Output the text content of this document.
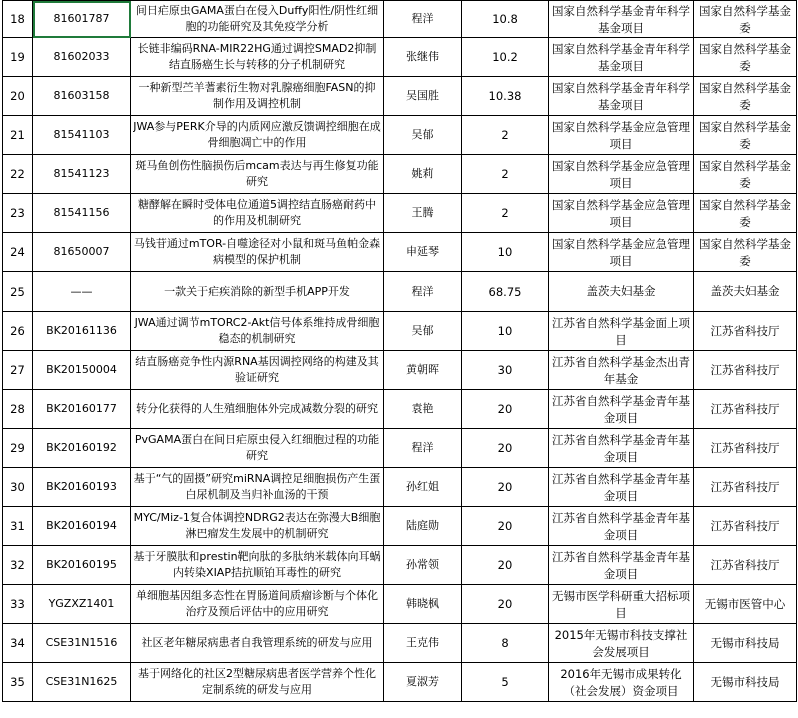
18	81601787	间日疟原虫GAMA蛋白在侵入Duffy阳性/阴性红细胞的功能研究及其免疫学分析	程洋	10.8	国家自然科学基金青年科学基金项目	国家自然科学基金委

19	81602033	长链非编码RNA-MIR22HG通过调控SMAD2抑制结直肠癌生长与转移的分子机制研究	张继伟	10.2	国家自然科学基金青年科学基金项目	国家自然科学基金委

20	81603158	一种新型苎羊蓍素衍生物对乳腺癌细胞FASN的抑制作用及调控机制	吴国胜	10.38	国家自然科学基金青年科学基金项目	国家自然科学基金委

21	81541103	JWA参与PERK介导的内质网应激反馈调控细胞在成骨细胞凋亡中的作用	吴郁	2	国家自然科学基金应急管理项目	国家自然科学基金委

22	81541123	斑马鱼创伤性脑损伤后mcam表达与再生修复功能研究	姚莉	2	国家自然科学基金应急管理项目	国家自然科学基金委

23	81541156	糖酵解在瞬时受体电位通道5调控结直肠癌耐药中的作用及机制研究	王腾	2	国家自然科学基金应急管理项目	国家自然科学基金委

24	81650007	马钱苷通过mTOR-自噬途径对小鼠和斑马鱼帕金森病模型的保护机制	申延琴	10	国家自然科学基金应急管理项目	国家自然科学基金委

25	——	一款关于疟疾消除的新型手机APP开发	程洋	68.75	盖茨夫妇基金	盖茨夫妇基金

26	BK20161136	JWA通过调节mTORC2-Akt信号体系维持成骨细胞稳态的机制研究	吴郁	10	江苏省自然科学基金面上项目	江苏省科技厅

27	BK20150004	结直肠癌竞争性内源RNA基因调控网络的构建及其验证研究	黄朝晖	30	江苏省自然科学基金杰出青年基金	江苏省科技厅

28	BK20160177	转分化获得的人生殖细胞体外完成减数分裂的研究	袁艳	20	江苏省自然科学基金青年基金项目	江苏省科技厅

29	BK20160192	PvGAMA蛋白在间日疟原虫侵入红细胞过程的功能研究	程洋	20	江苏省自然科学基金青年基金项目	江苏省科技厅

30	BK20160193	基于“气的固摄”研究miRNA调控足细胞损伤产生蛋白尿机制及当归补血汤的干预	孙红姐	20	江苏省自然科学基金青年基金项目	江苏省科技厅

31	BK20160194	MYC/Miz-1复合体调控NDRG2表达在弥漫大B细胞淋巴瘤发生发展中的机制研究	陆庭勋	20	江苏省自然科学基金青年基金项目	江苏省科技厅

32	BK20160195	基于牙膜肽和prestin靶向肽的多肽纳米载体向耳蜗内转染XIAP拮抗顺铂耳毒性的研究	孙常领	20	江苏省自然科学基金青年基金项目	江苏省科技厅

33	YGZXZ1401	单细胞基因组多态性在胃肠道间质瘤诊断与个体化治疗及预后评估中的应用研究	韩晓枫	20	无锡市医学科研重大招标项目	无锡市医管中心

34	CSE31N1516	社区老年糖尿病患者自我管理系统的研发与应用	王克伟	8	2015年无锡市科技支撑社会发展项目	无锡市科技局

35	CSE31N1625	基于网络化的社区2型糖尿病患者医学营养个性化定制系统的研发与应用	夏淑芳	5	2016年无锡市成果转化（社会发展）资金项目	无锡市科技局
